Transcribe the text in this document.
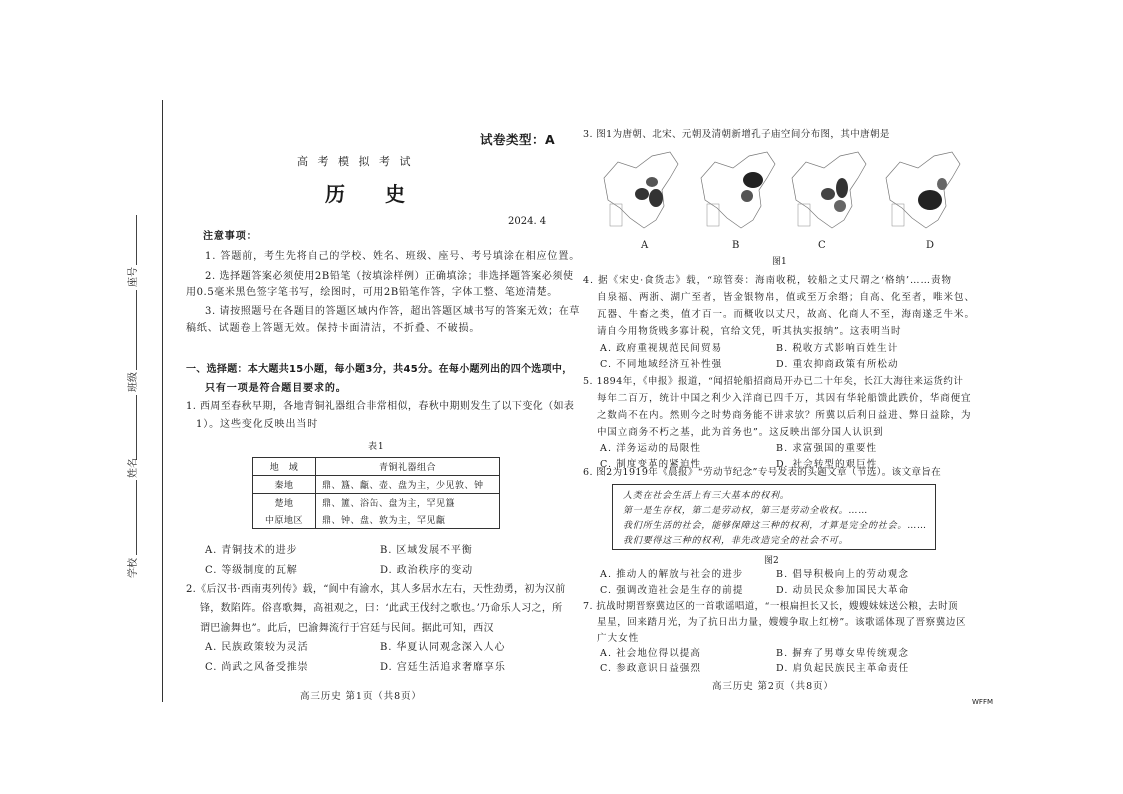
座号
班级
姓名
学校
试卷类型：A
高 考 模 拟 考 试
历　　史
2024. 4
注意事项：
1. 答题前，考生先将自己的学校、姓名、班级、座号、考号填涂在相应位置。
2. 选择题答案必须使用2B铅笔（按填涂样例）正确填涂；非选择题答案必须使
用0.5毫米黑色签字笔书写，绘图时，可用2B铅笔作答，字体工整、笔迹清楚。
3. 请按照题号在各题目的答题区域内作答，超出答题区域书写的答案无效；在草
稿纸、试题卷上答题无效。保持卡面清洁，不折叠、不破损。
一、选择题：本大题共15小题，每小题3分，共45分。在每小题列出的四个选项中，
只有一项是符合题目要求的。
1. 西周至春秋早期，各地青铜礼器组合非常相似，春秋中期则发生了以下变化（如表
1）。这些变化反映出当时
表1
地　域	青铜礼器组合
秦地	鼎、簋、甗、壶、盘为主，少见敦、钟
楚地	鼎、簠、浴缶、盘为主，罕见簋
中原地区	鼎、钟、盘、敦为主，罕见甗
A. 青铜技术的进步	B. 区域发展不平衡
C. 等级制度的瓦解	D. 政治秩序的变动
2.《后汉书·西南夷列传》载，“阆中有渝水，其人多居水左右，天性劲勇，初为汉前
锋，数陷阵。俗喜歌舞，高祖观之，曰：‘此武王伐纣之歌也。’乃命乐人习之，所
谓巴渝舞也”。此后，巴渝舞流行于宫廷与民间。据此可知，西汉
A. 民族政策较为灵活	B. 华夏认同观念深入人心
C. 尚武之风备受推崇	D. 宫廷生活追求奢靡享乐
高三历史 第1页（共8页）
3. 图1为唐朝、北宋、元朝及清朝新增孔子庙空间分布图，其中唐朝是
A	B	C	D
图1
4. 据《宋史·食货志》载，“琼管奏：海南收税，较船之丈尺谓之‘格纳’……责物
自泉福、两浙、湖广至者，皆金银物帛，值或至万余缗；自高、化至者，唯米包、
瓦器、牛畜之类，值才百一。而概收以丈尺，故高、化商人不至，海南遂乏牛米。
请自今用物货贱多寡计税，官给文凭，听其执实报纳”。这表明当时
A. 政府重视规范民间贸易	B. 税收方式影响百姓生计
C. 不同地域经济互补性强	D. 重农抑商政策有所松动
5. 1894年，《申报》报道，“闻招轮船招商局开办已二十年矣，长江大海往来运货约计
每年二百万，统计中国之利少入洋商已四千万，其因有华轮船馈此跌价，华商便宜
之数尚不在内。然则今之时势商务能不讲求欤？所冀以后利日益进、弊日益除，为
中国立商务不朽之基，此为首务也”。这反映出部分国人认识到
A. 洋务运动的局限性	B. 求富强国的重要性
C. 制度变革的紧迫性	D. 社会转型的艰巨性
6. 图2为1919年《晨报》“劳动节纪念”专号发表的头题文章（节选）。该文章旨在
人类在社会生活上有三大基本的权利。
第一是生存权，第二是劳动权，第三是劳动全收权。……
我们所生活的社会，能够保障这三种的权利，才算是完全的社会。……
我们要得这三种的权利，非先改造完全的社会不可。
图2
A. 推动人的解放与社会的进步	B. 倡导积极向上的劳动观念
C. 强调改造社会是生存的前提	D. 动员民众参加国民大革命
7. 抗战时期晋察冀边区的一首歌谣唱道，“一根扁担长又长，嫂嫂妹妹送公粮，去时顶
星星，回来踏月光，为了抗日出力量，嫂嫂争取上红榜”。该歌谣体现了晋察冀边区
广大女性
A. 社会地位得以提高	B. 摒弃了男尊女卑传统观念
C. 参政意识日益强烈	D. 肩负起民族民主革命责任
高三历史 第2页（共8页）
WFFM
